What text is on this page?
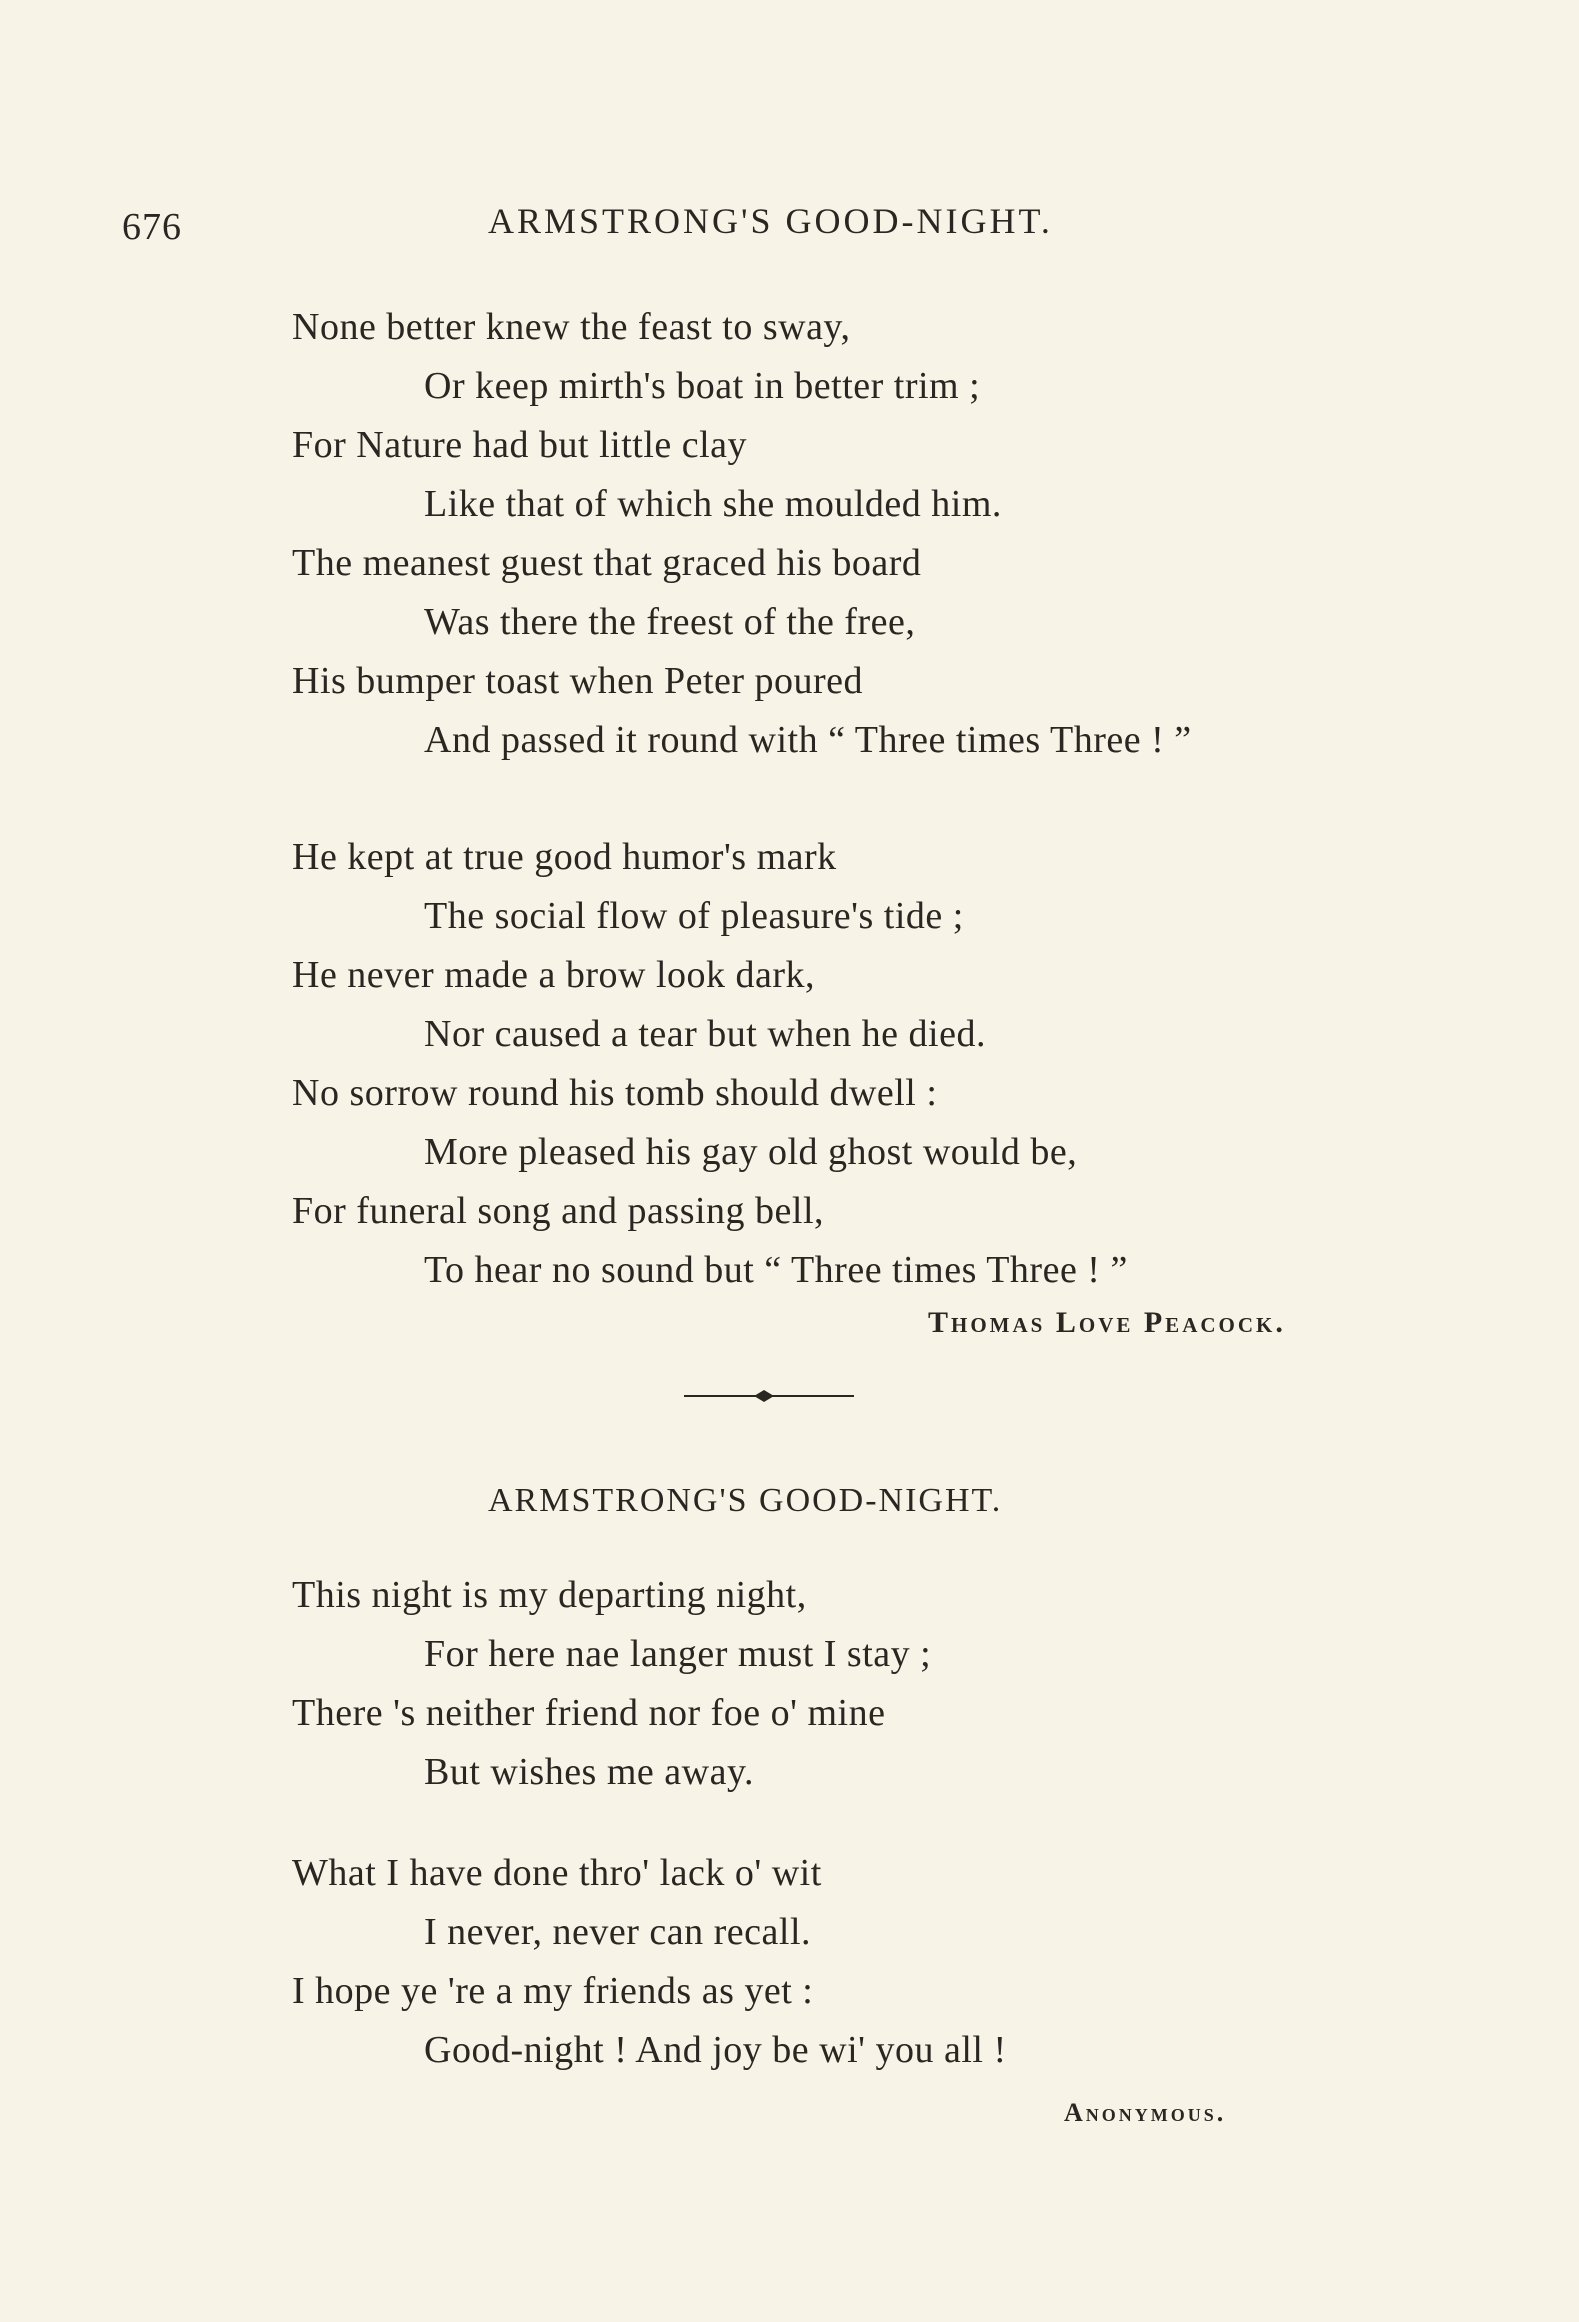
676	ARMSTRONG'S GOOD-NIGHT.
None better knew the feast to sway,
Or keep mirth's boat in better trim ;
For Nature had but little clay
Like that of which she moulded him.
The meanest guest that graced his board
Was there the freest of the free,
His bumper toast when Peter poured
And passed it round with “ Three times Three ! ”
He kept at true good humor's mark
The social flow of pleasure's tide ;
He never made a brow look dark,
Nor caused a tear but when he died.
No sorrow round his tomb should dwell :
More pleased his gay old ghost would be,
For funeral song and passing bell,
To hear no sound but “ Three times Three ! ”
Thomas Love Peacock.
ARMSTRONG'S GOOD-NIGHT.
This night is my departing night,
For here nae langer must I stay ;
There 's neither friend nor foe o' mine
But wishes me away.
What I have done thro' lack o' wit
I never, never can recall.
I hope ye 're a my friends as yet :
Good-night ! And joy be wi' you all !
Anonymous.
